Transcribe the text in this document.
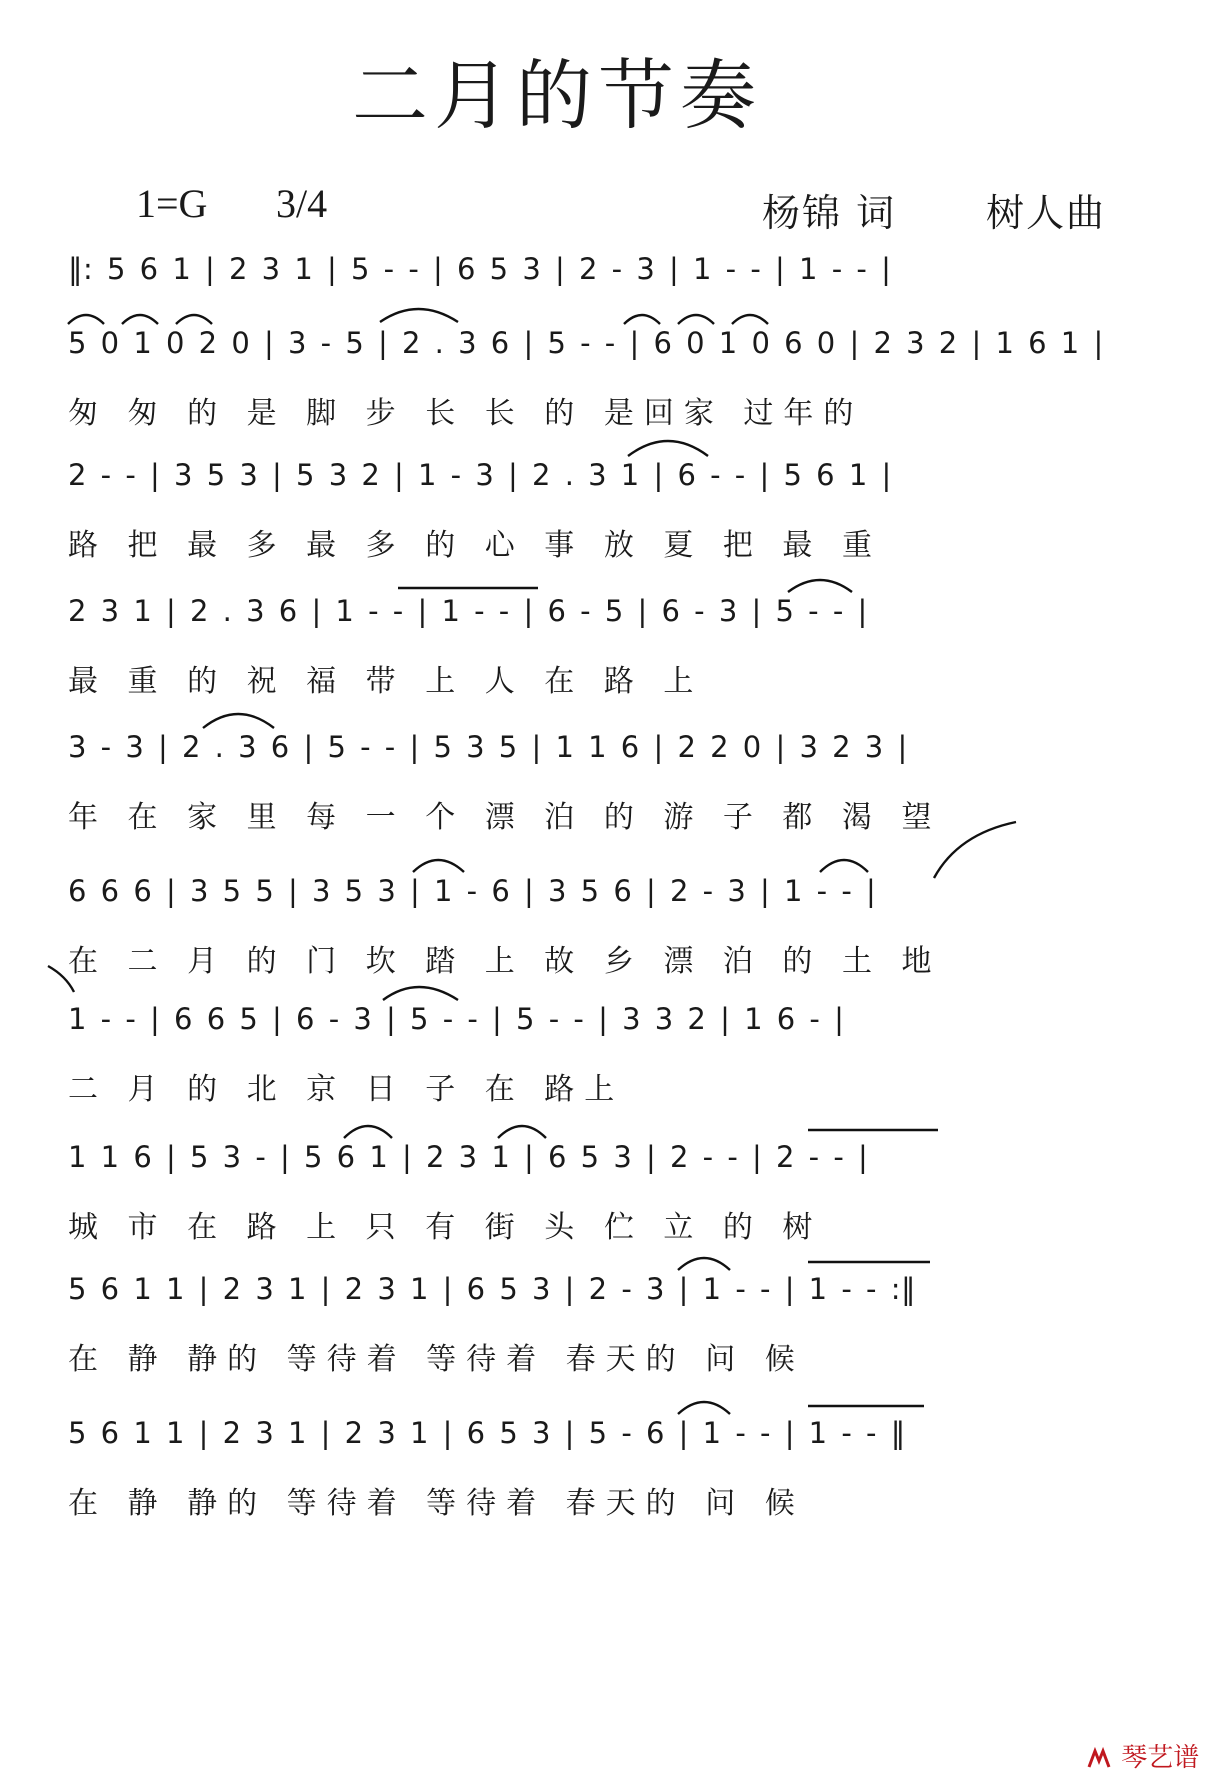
二月的节奏
1=G 3/4	杨锦 词 树人曲
‖: 5 6 1 | 2 3 1 | 5 - - | 6 5 3 | 2 - 3 | 1 - - | 1 - - |
5 0 1 0 2 0 | 3 - 5 | 2 . 3 6 | 5 - - | 6 0 1 0 6 0 | 2 3 2 | 1 6 1 |
匆 匆 的 是 脚 步 长 长 的 是回家 过年的
2 - - | 3 5 3 | 5 3 2 | 1 - 3 | 2 . 3 1 | 6 - - | 5 6 1 |
路 把 最 多 最 多 的 心 事 放 夏 把 最 重
2 3 1 | 2 . 3 6 | 1 - - | 1 - - | 6 - 5 | 6 - 3 | 5 - - |
最 重 的 祝 福 带 上 人 在 路 上
3 - 3 | 2 . 3 6 | 5 - - | 5 3 5 | 1 1 6 | 2 2 0 | 3 2 3 |
年 在 家 里 每 一 个 漂 泊 的 游 子 都 渴 望
6 6 6 | 3 5 5 | 3 5 3 | 1 - 6 | 3 5 6 | 2 - 3 | 1 - - |
在 二 月 的 门 坎 踏 上 故 乡 漂 泊 的 土 地
1 - - | 6 6 5 | 6 - 3 | 5 - - | 5 - - | 3 3 2 | 1 6 - |
二 月 的 北 京 日 子 在 路上
1 1 6 | 5 3 - | 5 6 1 | 2 3 1 | 6 5 3 | 2 - - | 2 - - |
城 市 在 路 上 只 有 街 头 伫 立 的 树
5 6 1 1 | 2 3 1 | 2 3 1 | 6 5 3 | 2 - 3 | 1 - - | 1 - - :‖
在 静 静的 等待着 等待着 春天的 问 候
5 6 1 1 | 2 3 1 | 2 3 1 | 6 5 3 | 5 - 6 | 1 - - | 1 - - ‖
在 静 静的 等待着 等待着 春天的 问 候
琴艺谱
